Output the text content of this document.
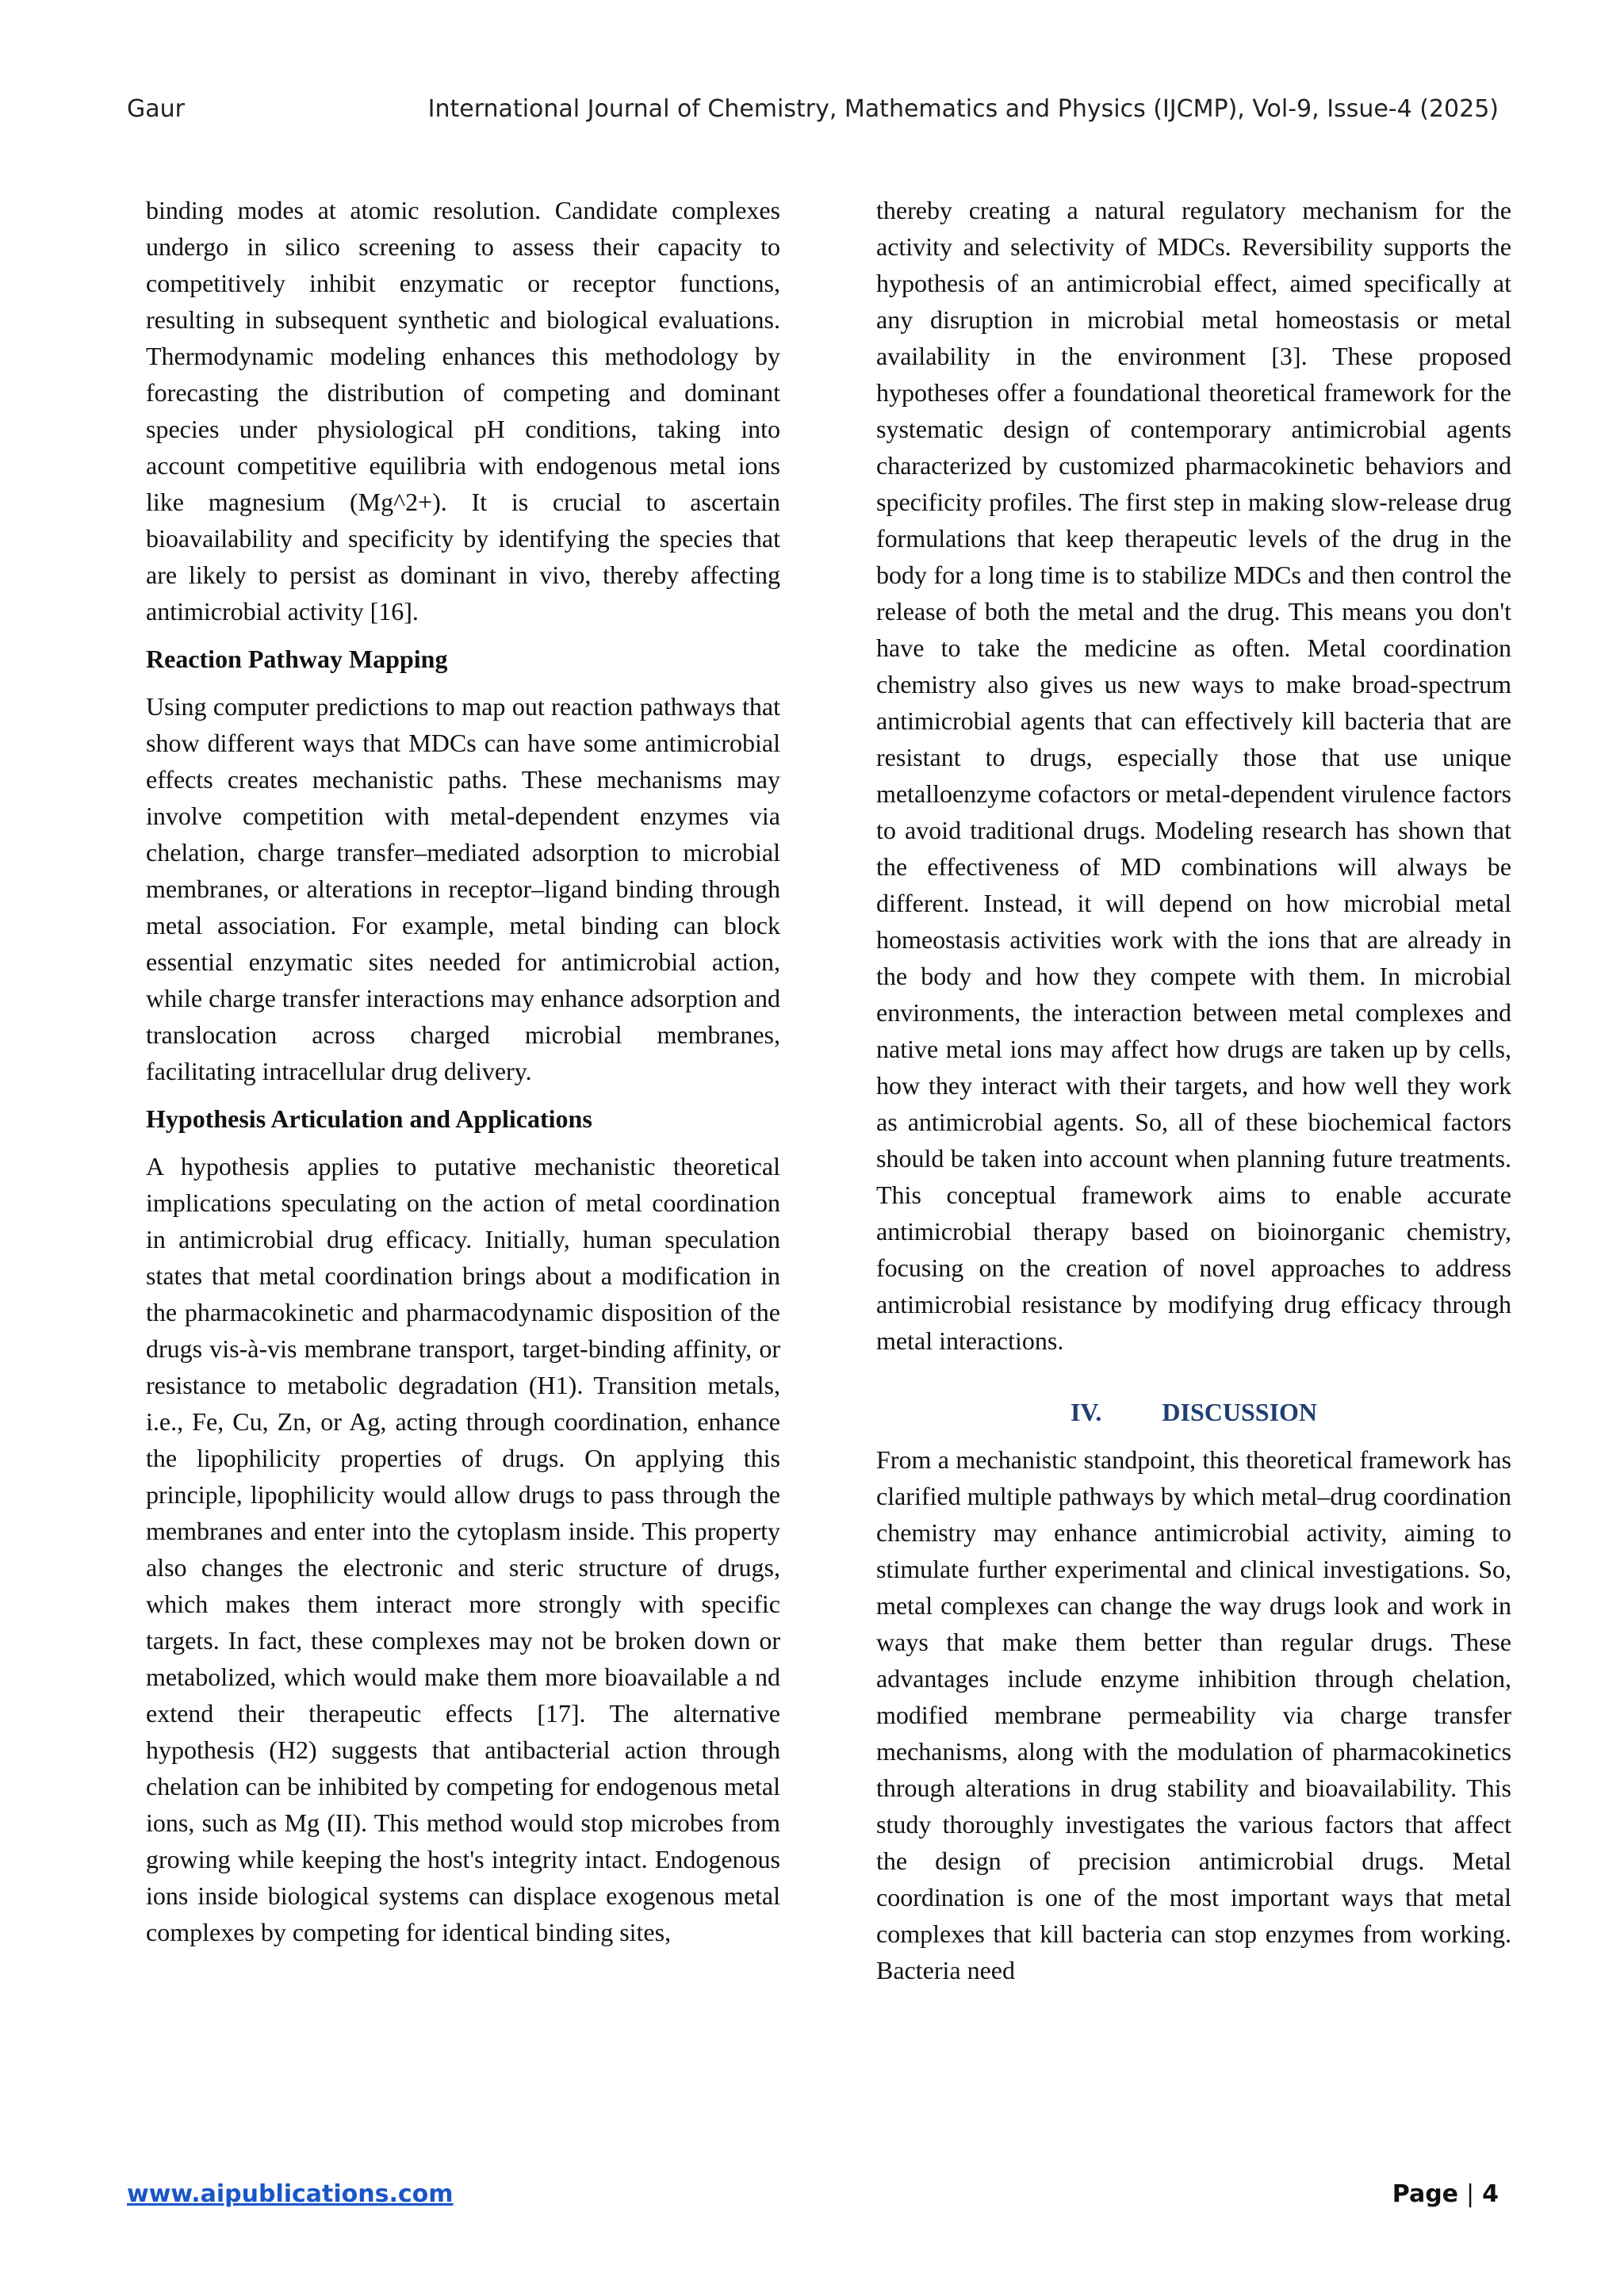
Gaur	International Journal of Chemistry, Mathematics and Physics (IJCMP), Vol-9, Issue-4 (2025)

binding modes at atomic resolution. Candidate complexes undergo in silico screening to assess their capacity to competitively inhibit enzymatic or receptor functions, resulting in subsequent synthetic and biological evaluations. Thermodynamic modeling enhances this methodology by forecasting the distribution of competing and dominant species under physiological pH conditions, taking into account competitive equilibria with endogenous metal ions like magnesium (Mg^2+). It is crucial to ascertain bioavailability and specificity by identifying the species that are likely to persist as dominant in vivo, thereby affecting antimicrobial activity [16].

Reaction Pathway Mapping

Using computer predictions to map out reaction pathways that show different ways that MDCs can have some antimicrobial effects creates mechanistic paths. These mechanisms may involve competition with metal-dependent enzymes via chelation, charge transfer–mediated adsorption to microbial membranes, or alterations in receptor–ligand binding through metal association. For example, metal binding can block essential enzymatic sites needed for antimicrobial action, while charge transfer interactions may enhance adsorption and translocation across charged microbial membranes, facilitating intracellular drug delivery.

Hypothesis Articulation and Applications

A hypothesis applies to putative mechanistic theoretical implications speculating on the action of metal coordination in antimicrobial drug efficacy. Initially, human speculation states that metal coordination brings about a modification in the pharmacokinetic and pharmacodynamic disposition of the drugs vis-à-vis membrane transport, target-binding affinity, or resistance to metabolic degradation (H1). Transition metals, i.e., Fe, Cu, Zn, or Ag, acting through coordination, enhance the lipophilicity properties of drugs. On applying this principle, lipophilicity would allow drugs to pass through the membranes and enter into the cytoplasm inside. This property also changes the electronic and steric structure of drugs, which makes them interact more strongly with specific targets. In fact, these complexes may not be broken down or metabolized, which would make them more bioavailable a nd extend their therapeutic effects [17]. The alternative hypothesis (H2) suggests that antibacterial action through chelation can be inhibited by competing for endogenous metal ions, such as Mg (II). This method would stop microbes from growing while keeping the host's integrity intact. Endogenous ions inside biological systems can displace exogenous metal complexes by competing for identical binding sites,

thereby creating a natural regulatory mechanism for the activity and selectivity of MDCs. Reversibility supports the hypothesis of an antimicrobial effect, aimed specifically at any disruption in microbial metal homeostasis or metal availability in the environment [3]. These proposed hypotheses offer a foundational theoretical framework for the systematic design of contemporary antimicrobial agents characterized by customized pharmacokinetic behaviors and specificity profiles. The first step in making slow-release drug formulations that keep therapeutic levels of the drug in the body for a long time is to stabilize MDCs and then control the release of both the metal and the drug. This means you don't have to take the medicine as often. Metal coordination chemistry also gives us new ways to make broad-spectrum antimicrobial agents that can effectively kill bacteria that are resistant to drugs, especially those that use unique metalloenzyme cofactors or metal-dependent virulence factors to avoid traditional drugs. Modeling research has shown that the effectiveness of MD combinations will always be different. Instead, it will depend on how microbial metal homeostasis activities work with the ions that are already in the body and how they compete with them. In microbial environments, the interaction between metal complexes and native metal ions may affect how drugs are taken up by cells, how they interact with their targets, and how well they work as antimicrobial agents. So, all of these biochemical factors should be taken into account when planning future treatments. This conceptual framework aims to enable accurate antimicrobial therapy based on bioinorganic chemistry, focusing on the creation of novel approaches to address antimicrobial resistance by modifying drug efficacy through metal interactions.

IV. DISCUSSION

From a mechanistic standpoint, this theoretical framework has clarified multiple pathways by which metal–drug coordination chemistry may enhance antimicrobial activity, aiming to stimulate further experimental and clinical investigations. So, metal complexes can change the way drugs look and work in ways that make them better than regular drugs. These advantages include enzyme inhibition through chelation, modified membrane permeability via charge transfer mechanisms, along with the modulation of pharmacokinetics through alterations in drug stability and bioavailability. This study thoroughly investigates the various factors that affect the design of precision antimicrobial drugs. Metal coordination is one of the most important ways that metal complexes that kill bacteria can stop enzymes from working. Bacteria need

www.aipublications.com	Page | 4
